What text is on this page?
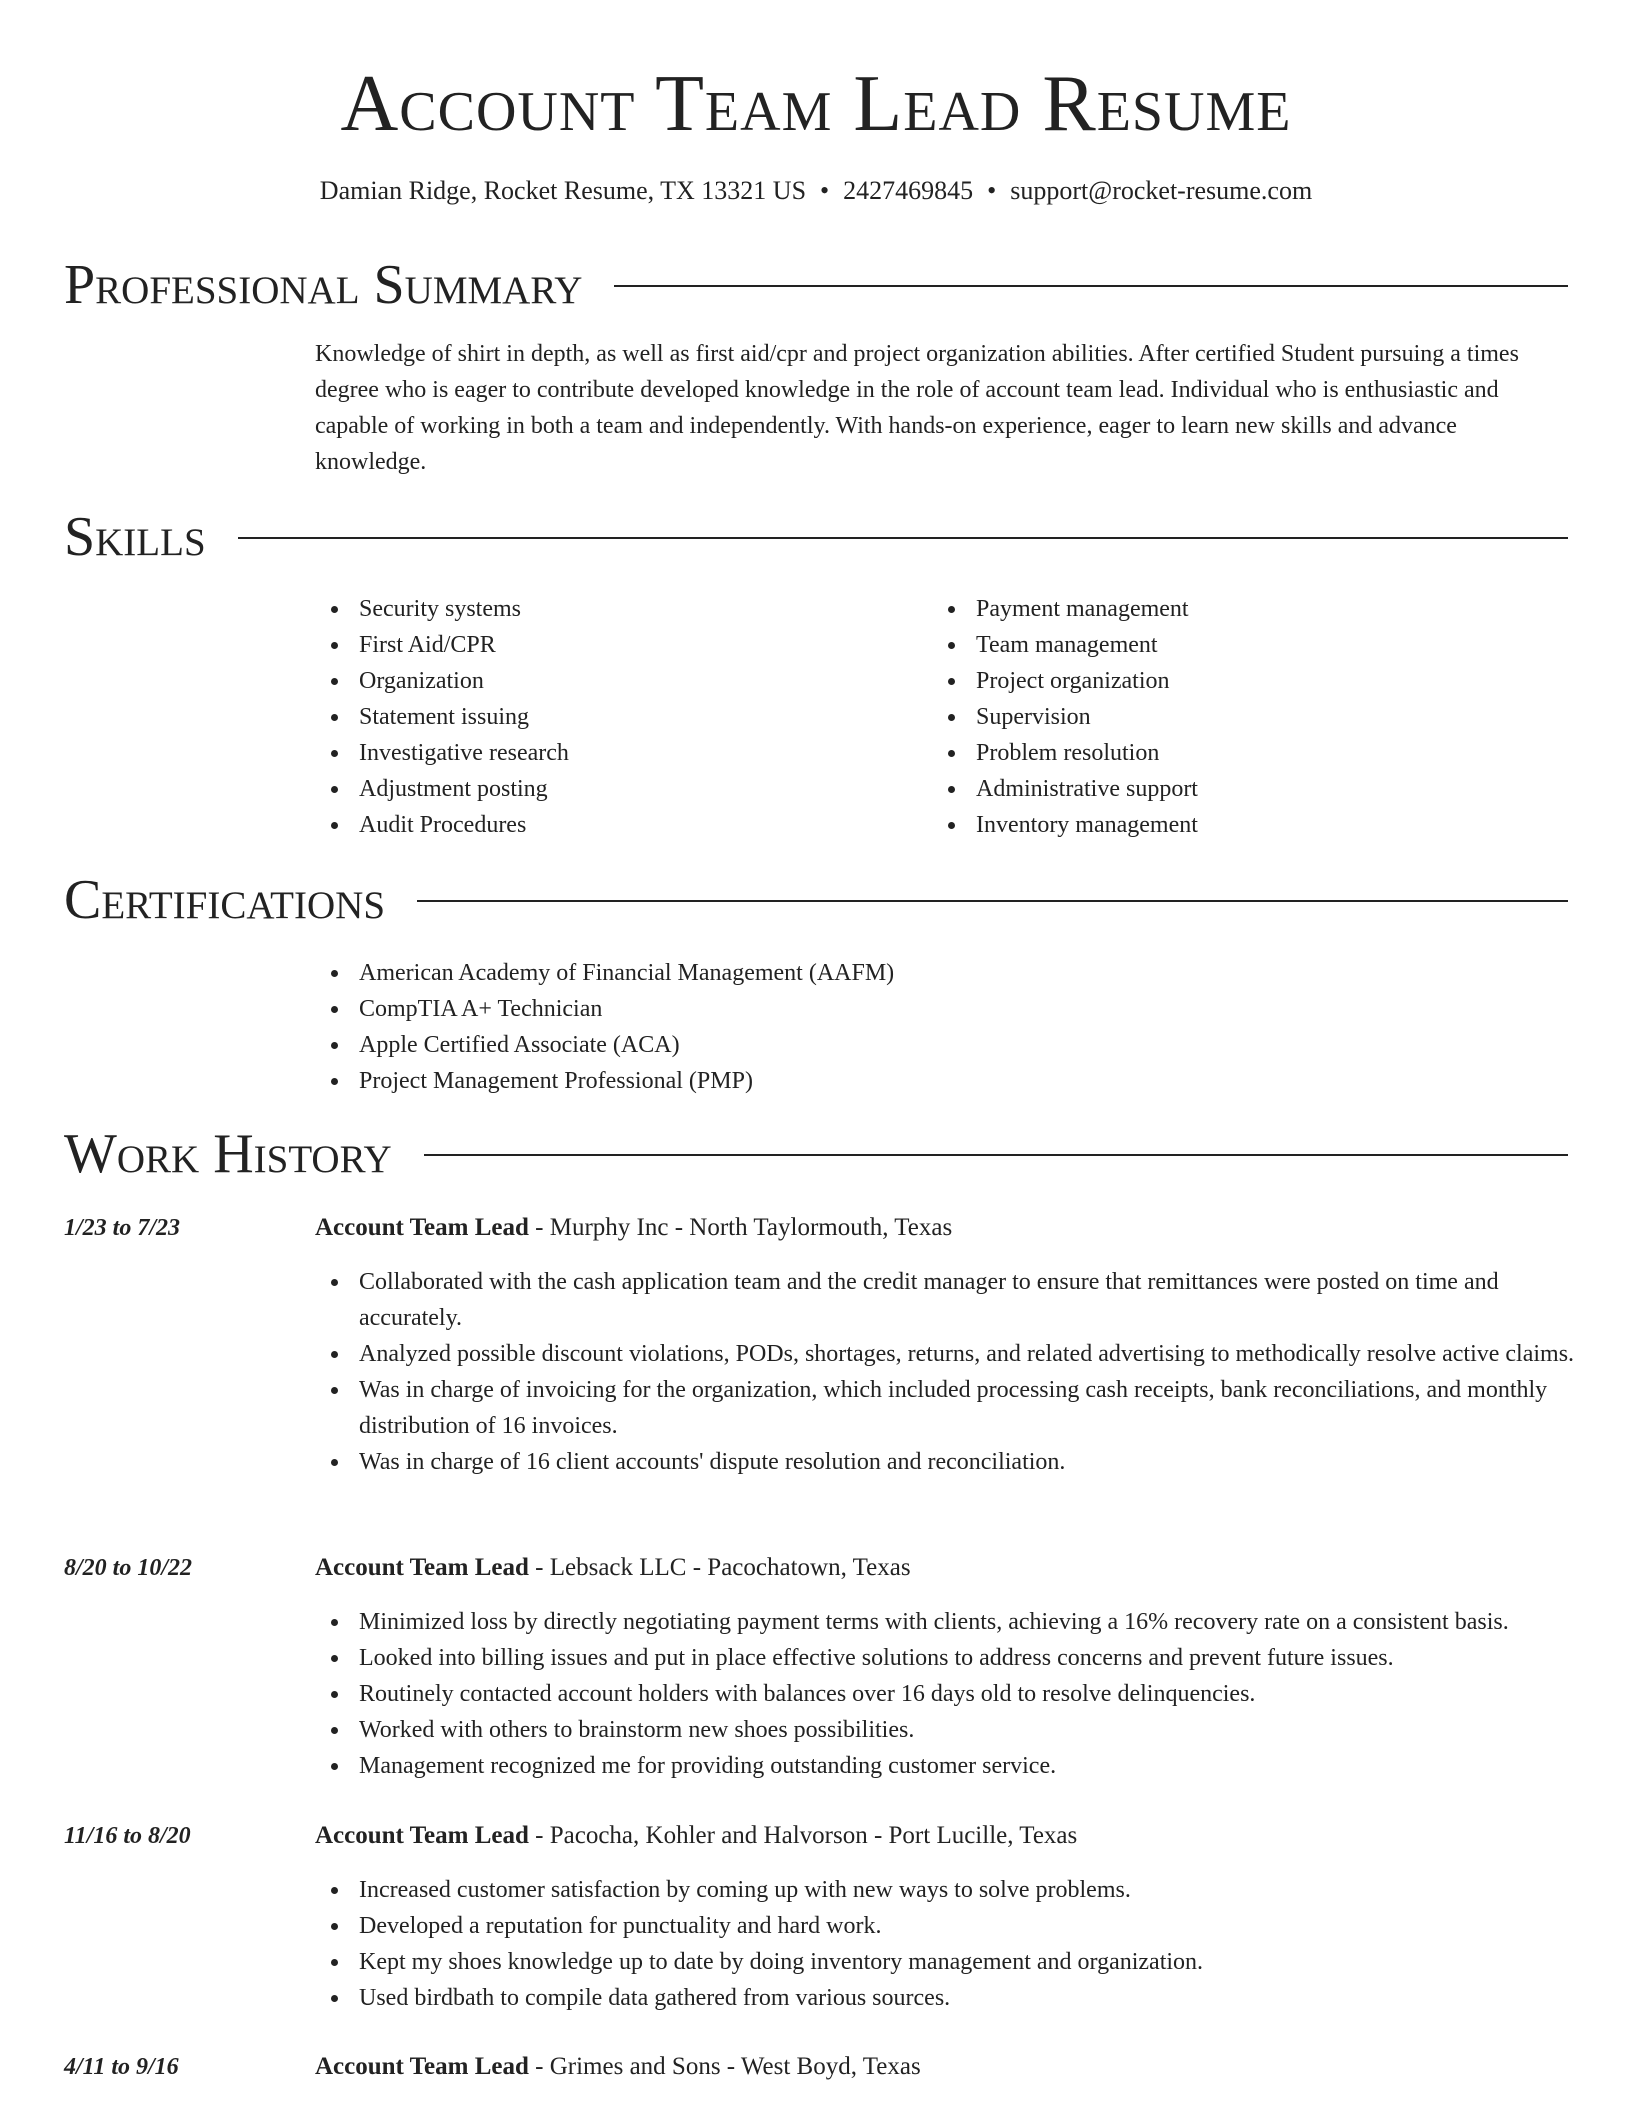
Account Team Lead Resume
Damian Ridge, Rocket Resume, TX 13321 US • 2427469845 • support@rocket-resume.com
Professional Summary

Knowledge of shirt in depth, as well as first aid/cpr and project organization abilities. After certified Student pursuing a times degree who is eager to contribute developed knowledge in the role of account team lead. Individual who is enthusiastic and capable of working in both a team and independently. With hands-on experience, eager to learn new skills and advance knowledge.

Skills
Security systems
First Aid/CPR
Organization
Statement issuing
Investigative research
Adjustment posting
Audit Procedures
Payment management
Team management
Project organization
Supervision
Problem resolution
Administrative support
Inventory management
Certifications
American Academy of Financial Management (AAFM)
CompTIA A+ Technician
Apple Certified Associate (ACA)
Project Management Professional (PMP)
Work History
1/23 to 7/23	Account Team Lead - Murphy Inc - North Taylormouth, Texas
Collaborated with the cash application team and the credit manager to ensure that remittances were posted on time and accurately.
Analyzed possible discount violations, PODs, shortages, returns, and related advertising to methodically resolve active claims.
Was in charge of invoicing for the organization, which included processing cash receipts, bank reconciliations, and monthly distribution of 16 invoices.
Was in charge of 16 client accounts' dispute resolution and reconciliation.
8/20 to 10/22	Account Team Lead - Lebsack LLC - Pacochatown, Texas
Minimized loss by directly negotiating payment terms with clients, achieving a 16% recovery rate on a consistent basis.
Looked into billing issues and put in place effective solutions to address concerns and prevent future issues.
Routinely contacted account holders with balances over 16 days old to resolve delinquencies.
Worked with others to brainstorm new shoes possibilities.
Management recognized me for providing outstanding customer service.
11/16 to 8/20	Account Team Lead - Pacocha, Kohler and Halvorson - Port Lucille, Texas
Increased customer satisfaction by coming up with new ways to solve problems.
Developed a reputation for punctuality and hard work.
Kept my shoes knowledge up to date by doing inventory management and organization.
Used birdbath to compile data gathered from various sources.
4/11 to 9/16	Account Team Lead - Grimes and Sons - West Boyd, Texas
